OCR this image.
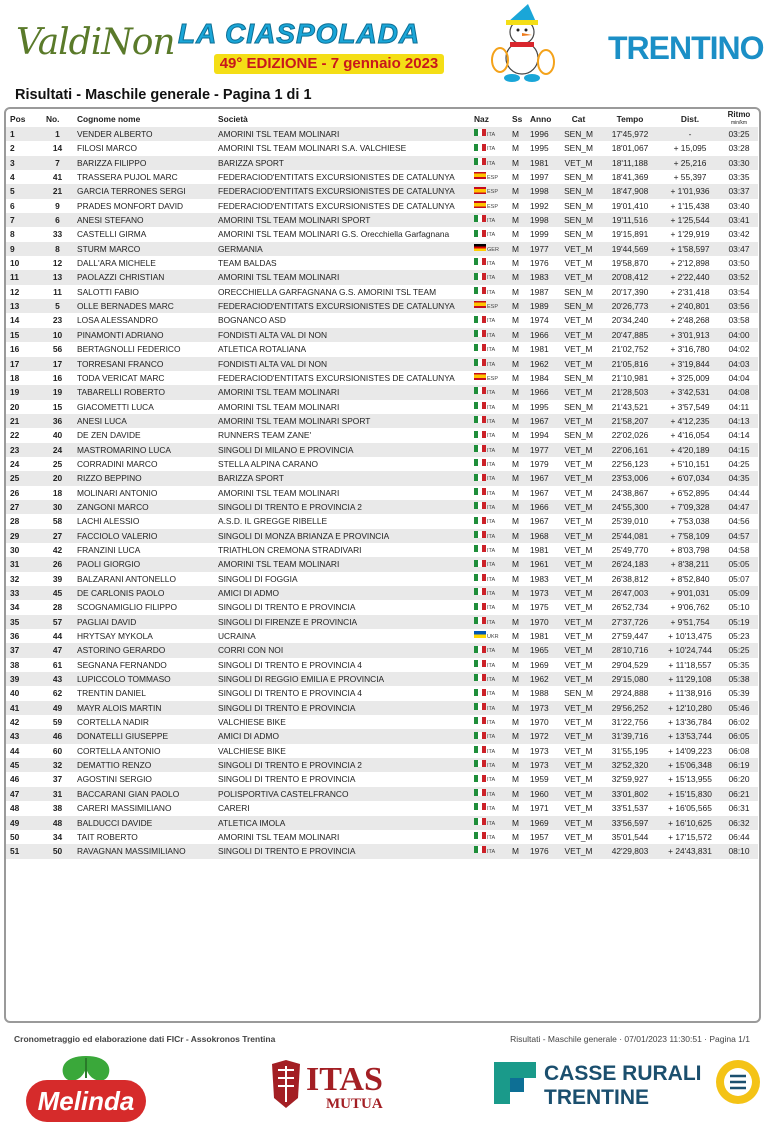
ValdiNon LA CIASPOLADA
49° EDIZIONE - 7 gennaio 2023	TRENTINO
Risultati - Maschile generale - Pagina 1 di 1
Pos	No.	Cognome nome	Società	Naz	Ss	Anno	Cat	Tempo	Dist.	Ritmo
min/km
1	1	VENDER ALBERTO	AMORINI TSL TEAM MOLINARI	ITA	M	1996	SEN_M	17'45,972	-	03:25
2	14	FILOSI MARCO	AMORINI TSL TEAM MOLINARI S.A. VALCHIESE	ITA	M	1995	SEN_M	18'01,067	+ 15,095	03:28
3	7	BARIZZA FILIPPO	BARIZZA SPORT	ITA	M	1981	VET_M	18'11,188	+ 25,216	03:30
4	41	TRASSERA PUJOL MARC	FEDERACIOD'ENTITATS EXCURSIONISTES DE CATALUNYA	ESP	M	1997	SEN_M	18'41,369	+ 55,397	03:35
5	21	GARCIA TERRONES SERGI	FEDERACIOD'ENTITATS EXCURSIONISTES DE CATALUNYA	ESP	M	1998	SEN_M	18'47,908	+ 1'01,936	03:37
6	9	PRADES MONFORT DAVID	FEDERACIOD'ENTITATS EXCURSIONISTES DE CATALUNYA	ESP	M	1992	SEN_M	19'01,410	+ 1'15,438	03:40
7	6	ANESI STEFANO	AMORINI TSL TEAM MOLINARI SPORT	ITA	M	1998	SEN_M	19'11,516	+ 1'25,544	03:41
8	33	CASTELLI GIRMA	AMORINI TSL TEAM MOLINARI G.S. Orecchiella Garfagnana	ITA	M	1999	SEN_M	19'15,891	+ 1'29,919	03:42
9	8	STURM MARCO	GERMANIA	GER	M	1977	VET_M	19'44,569	+ 1'58,597	03:47
10	12	DALL'ARA MICHELE	TEAM BALDAS	ITA	M	1976	VET_M	19'58,870	+ 2'12,898	03:50
11	13	PAOLAZZI CHRISTIAN	AMORINI TSL TEAM MOLINARI	ITA	M	1983	VET_M	20'08,412	+ 2'22,440	03:52
12	11	SALOTTI FABIO	ORECCHIELLA GARFAGNANA G.S. AMORINI TSL TEAM	ITA	M	1987	SEN_M	20'17,390	+ 2'31,418	03:54
13	5	OLLE BERNADES MARC	FEDERACIOD'ENTITATS EXCURSIONISTES DE CATALUNYA	ESP	M	1989	SEN_M	20'26,773	+ 2'40,801	03:56
14	23	LOSA ALESSANDRO	BOGNANCO ASD	ITA	M	1974	VET_M	20'34,240	+ 2'48,268	03:58
15	10	PINAMONTI ADRIANO	FONDISTI ALTA VAL DI NON	ITA	M	1966	VET_M	20'47,885	+ 3'01,913	04:00
16	56	BERTAGNOLLI FEDERICO	ATLETICA ROTALIANA	ITA	M	1981	VET_M	21'02,752	+ 3'16,780	04:02
17	17	TORRESANI FRANCO	FONDISTI ALTA VAL DI NON	ITA	M	1962	VET_M	21'05,816	+ 3'19,844	04:03
18	16	TODA VERICAT MARC	FEDERACIOD'ENTITATS EXCURSIONISTES DE CATALUNYA	ESP	M	1984	SEN_M	21'10,981	+ 3'25,009	04:04
19	19	TABARELLI ROBERTO	AMORINI TSL TEAM MOLINARI	ITA	M	1966	VET_M	21'28,503	+ 3'42,531	04:08
20	15	GIACOMETTI LUCA	AMORINI TSL TEAM MOLINARI	ITA	M	1995	SEN_M	21'43,521	+ 3'57,549	04:11
21	36	ANESI LUCA	AMORINI TSL TEAM MOLINARI SPORT	ITA	M	1967	VET_M	21'58,207	+ 4'12,235	04:13
22	40	DE ZEN DAVIDE	RUNNERS TEAM ZANE'	ITA	M	1994	SEN_M	22'02,026	+ 4'16,054	04:14
23	24	MASTROMARINO LUCA	SINGOLI DI MILANO E PROVINCIA	ITA	M	1977	VET_M	22'06,161	+ 4'20,189	04:15
24	25	CORRADINI MARCO	STELLA ALPINA CARANO	ITA	M	1979	VET_M	22'56,123	+ 5'10,151	04:25
25	20	RIZZO BEPPINO	BARIZZA SPORT	ITA	M	1967	VET_M	23'53,006	+ 6'07,034	04:35
26	18	MOLINARI ANTONIO	AMORINI TSL TEAM MOLINARI	ITA	M	1967	VET_M	24'38,867	+ 6'52,895	04:44
27	30	ZANGONI MARCO	SINGOLI DI TRENTO E PROVINCIA 2	ITA	M	1966	VET_M	24'55,300	+ 7'09,328	04:47
28	58	LACHI ALESSIO	A.S.D. IL GREGGE RIBELLE	ITA	M	1967	VET_M	25'39,010	+ 7'53,038	04:56
29	27	FACCIOLO VALERIO	SINGOLI DI MONZA BRIANZA E PROVINCIA	ITA	M	1968	VET_M	25'44,081	+ 7'58,109	04:57
30	42	FRANZINI LUCA	TRIATHLON CREMONA STRADIVARI	ITA	M	1981	VET_M	25'49,770	+ 8'03,798	04:58
31	26	PAOLI GIORGIO	AMORINI TSL TEAM MOLINARI	ITA	M	1961	VET_M	26'24,183	+ 8'38,211	05:05
32	39	BALZARANI ANTONELLO	SINGOLI DI FOGGIA	ITA	M	1983	VET_M	26'38,812	+ 8'52,840	05:07
33	45	DE CARLONIS PAOLO	AMICI DI ADMO	ITA	M	1973	VET_M	26'47,003	+ 9'01,031	05:09
34	28	SCOGNAMIGLIO FILIPPO	SINGOLI DI TRENTO E PROVINCIA	ITA	M	1975	VET_M	26'52,734	+ 9'06,762	05:10
35	57	PAGLIAI DAVID	SINGOLI DI FIRENZE E PROVINCIA	ITA	M	1970	VET_M	27'37,726	+ 9'51,754	05:19
36	44	HRYTSAY MYKOLA	UCRAINA	UKR	M	1981	VET_M	27'59,447	+ 10'13,475	05:23
37	47	ASTORINO GERARDO	CORRI CON NOI	ITA	M	1965	VET_M	28'10,716	+ 10'24,744	05:25
38	61	SEGNANA FERNANDO	SINGOLI DI TRENTO E PROVINCIA 4	ITA	M	1969	VET_M	29'04,529	+ 11'18,557	05:35
39	43	LUPICCOLO TOMMASO	SINGOLI DI REGGIO EMILIA E PROVINCIA	ITA	M	1962	VET_M	29'15,080	+ 11'29,108	05:38
40	62	TRENTIN DANIEL	SINGOLI DI TRENTO E PROVINCIA 4	ITA	M	1988	SEN_M	29'24,888	+ 11'38,916	05:39
41	49	MAYR ALOIS MARTIN	SINGOLI DI TRENTO E PROVINCIA	ITA	M	1973	VET_M	29'56,252	+ 12'10,280	05:46
42	59	CORTELLA NADIR	VALCHIESE BIKE	ITA	M	1970	VET_M	31'22,756	+ 13'36,784	06:02
43	46	DONATELLI GIUSEPPE	AMICI DI ADMO	ITA	M	1972	VET_M	31'39,716	+ 13'53,744	06:05
44	60	CORTELLA ANTONIO	VALCHIESE BIKE	ITA	M	1973	VET_M	31'55,195	+ 14'09,223	06:08
45	32	DEMATTIO RENZO	SINGOLI DI TRENTO E PROVINCIA 2	ITA	M	1973	VET_M	32'52,320	+ 15'06,348	06:19
46	37	AGOSTINI SERGIO	SINGOLI DI TRENTO E PROVINCIA	ITA	M	1959	VET_M	32'59,927	+ 15'13,955	06:20
47	31	BACCARANI GIAN PAOLO	POLISPORTIVA CASTELFRANCO	ITA	M	1960	VET_M	33'01,802	+ 15'15,830	06:21
48	38	CARERI MASSIMILIANO	CARERI	ITA	M	1971	VET_M	33'51,537	+ 16'05,565	06:31
49	48	BALDUCCI DAVIDE	ATLETICA IMOLA	ITA	M	1969	VET_M	33'56,597	+ 16'10,625	06:32
50	34	TAIT ROBERTO	AMORINI TSL TEAM MOLINARI	ITA	M	1957	VET_M	35'01,544	+ 17'15,572	06:44
51	50	RAVAGNAN MASSIMILIANO	SINGOLI DI TRENTO E PROVINCIA	ITA	M	1976	VET_M	42'29,803	+ 24'43,831	08:10
Cronometraggio ed elaborazione dati FICr - Assokronos Trentina	Risultati - Maschile generale · 07/01/2023 11:30:51 · Pagina 1/1
Melinda
ITAS
MUTUA
CASSE RURALI
TRENTINE
